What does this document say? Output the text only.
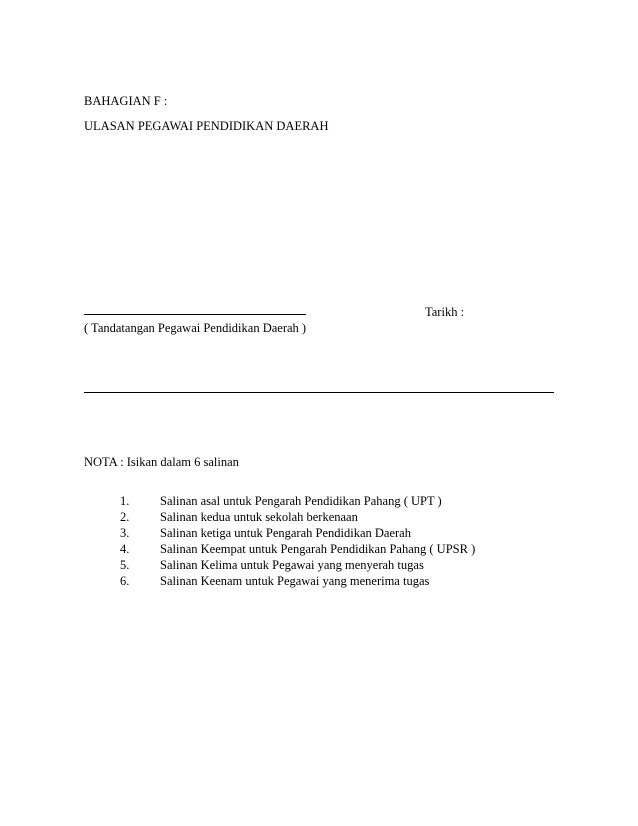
BAHAGIAN F :
ULASAN PEGAWAI PENDIDIKAN DAERAH
Tarikh :
( Tandatangan Pegawai Pendidikan Daerah )
NOTA : Isikan dalam 6 salinan
1.	Salinan asal untuk Pengarah Pendidikan Pahang ( UPT )
2.	Salinan kedua untuk sekolah berkenaan
3.	Salinan ketiga untuk Pengarah Pendidikan Daerah
4.	Salinan Keempat untuk Pengarah Pendidikan Pahang ( UPSR )
5.	Salinan Kelima untuk Pegawai yang menyerah tugas
6.	Salinan Keenam untuk Pegawai yang menerima tugas
